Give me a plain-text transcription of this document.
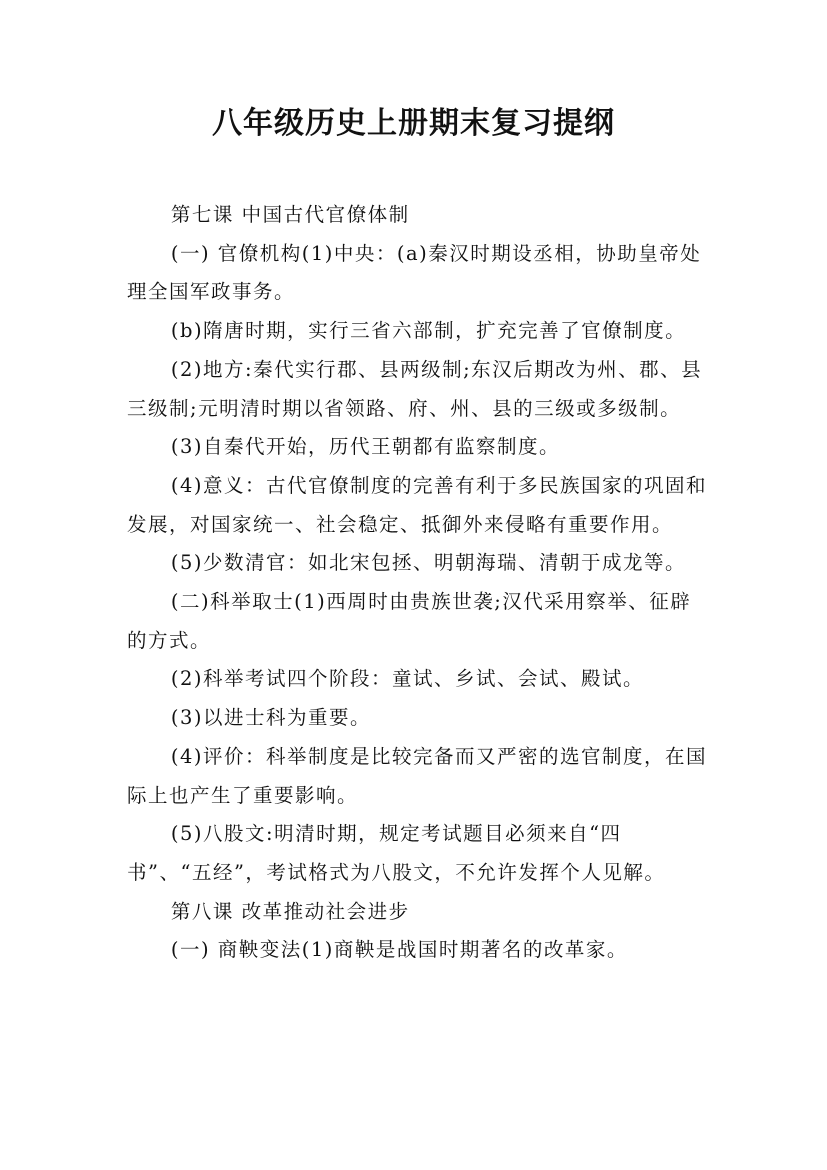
八年级历史上册期末复习提纲

第七课 中国古代官僚体制

(一) 官僚机构(1)中央：(a)秦汉时期设丞相，协助皇帝处理全国军政事务。

(b)隋唐时期，实行三省六部制，扩充完善了官僚制度。

(2)地方:秦代实行郡、县两级制;东汉后期改为州、郡、县三级制;元明清时期以省领路、府、州、县的三级或多级制。

(3)自秦代开始，历代王朝都有监察制度。

(4)意义：古代官僚制度的完善有利于多民族国家的巩固和发展，对国家统一、社会稳定、抵御外来侵略有重要作用。

(5)少数清官：如北宋包拯、明朝海瑞、清朝于成龙等。

(二)科举取士(1)西周时由贵族世袭;汉代采用察举、征辟的方式。

(2)科举考试四个阶段：童试、乡试、会试、殿试。

(3)以进士科为重要。

(4)评价：科举制度是比较完备而又严密的选官制度，在国际上也产生了重要影响。

(5)八股文:明清时期，规定考试题目必须来自“四书”、“五经”，考试格式为八股文，不允许发挥个人见解。

第八课 改革推动社会进步

(一) 商鞅变法(1)商鞅是战国时期著名的改革家。
